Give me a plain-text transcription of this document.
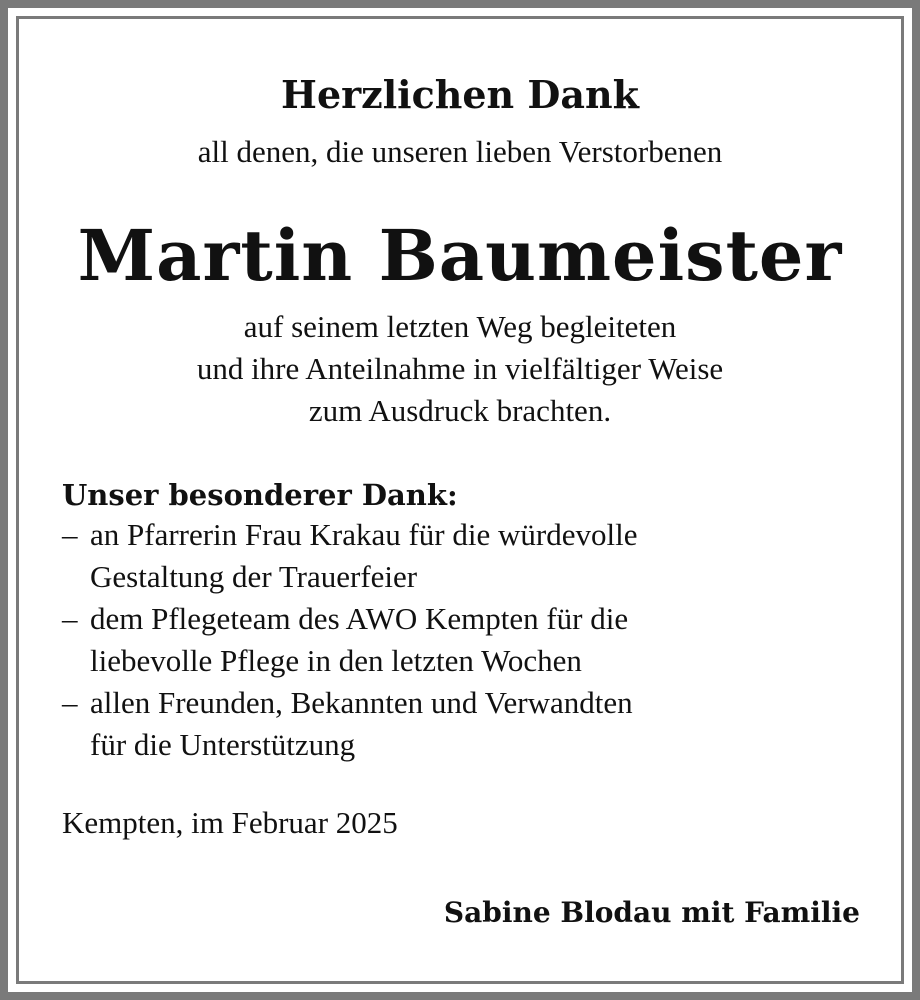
Herzlichen Dank
all denen, die unseren lieben Verstorbenen
Martin Baumeister
auf seinem letzten Weg begleiteten
und ihre Anteilnahme in vielfältiger Weise
zum Ausdruck brachten.
Unser besonderer Dank:
– an Pfarrerin Frau Krakau für die würdevolle
Gestaltung der Trauerfeier
– dem Pflegeteam des AWO Kempten für die
liebevolle Pflege in den letzten Wochen
– allen Freunden, Bekannten und Verwandten
für die Unterstützung
Kempten, im Februar 2025
Sabine Blodau mit Familie
